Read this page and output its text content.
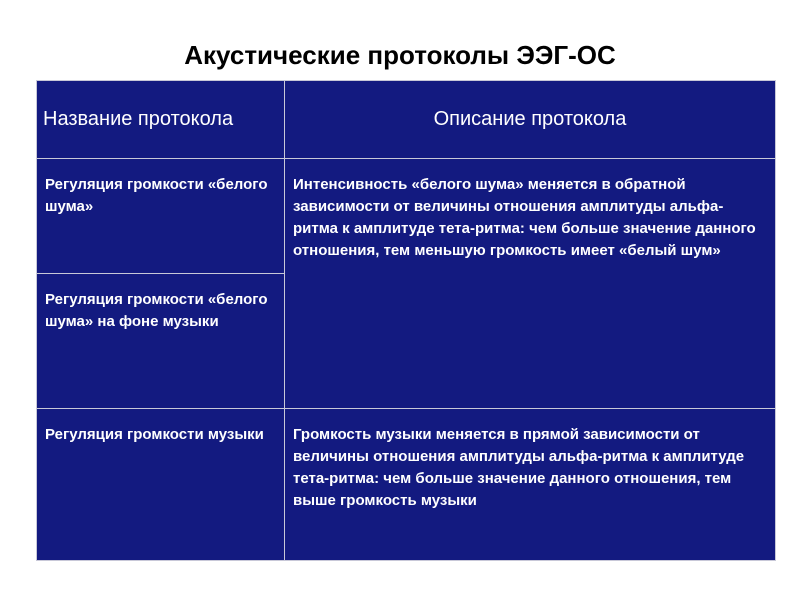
Акустические протоколы ЭЭГ-ОС
Название протокола	Описание протокола
Регуляция громкости «белого шума»	Интенсивность «белого шума» меняется в обратной зависимости от величины отношения амплитуды альфа-ритма к амплитуде тета-ритма: чем больше значение данного отношения, тем меньшую громкость имеет «белый шум»
Регуляция громкости «белого шума» на фоне музыки	
Регуляция громкости музыки	Громкость музыки меняется в прямой зависимости от величины отношения амплитуды альфа-ритма к амплитуде тета-ритма: чем больше значение данного отношения, тем выше громкость музыки
